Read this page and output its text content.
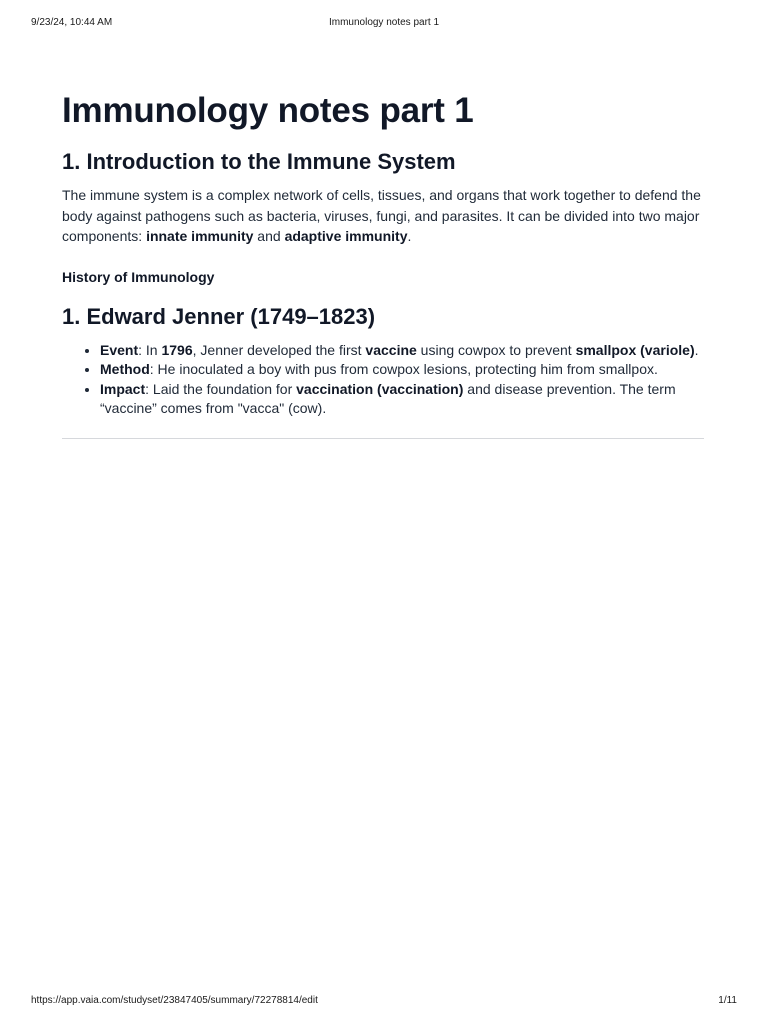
9/23/24, 10:44 AM	Immunology notes part 1
Immunology notes part 1
1. Introduction to the Immune System

The immune system is a complex network of cells, tissues, and organs that work together to defend the body against pathogens such as bacteria, viruses, fungi, and parasites. It can be divided into two major components: innate immunity and adaptive immunity.

History of Immunology

1. Edward Jenner (1749–1823)
• Event: In 1796, Jenner developed the first vaccine using cowpox to prevent smallpox (variole).
• Method: He inoculated a boy with pus from cowpox lesions, protecting him from smallpox.
• Impact: Laid the foundation for vaccination (vaccination) and disease prevention. The term “vaccine” comes from "vacca" (cow).
https://app.vaia.com/studyset/23847405/summary/72278814/edit	1/11
